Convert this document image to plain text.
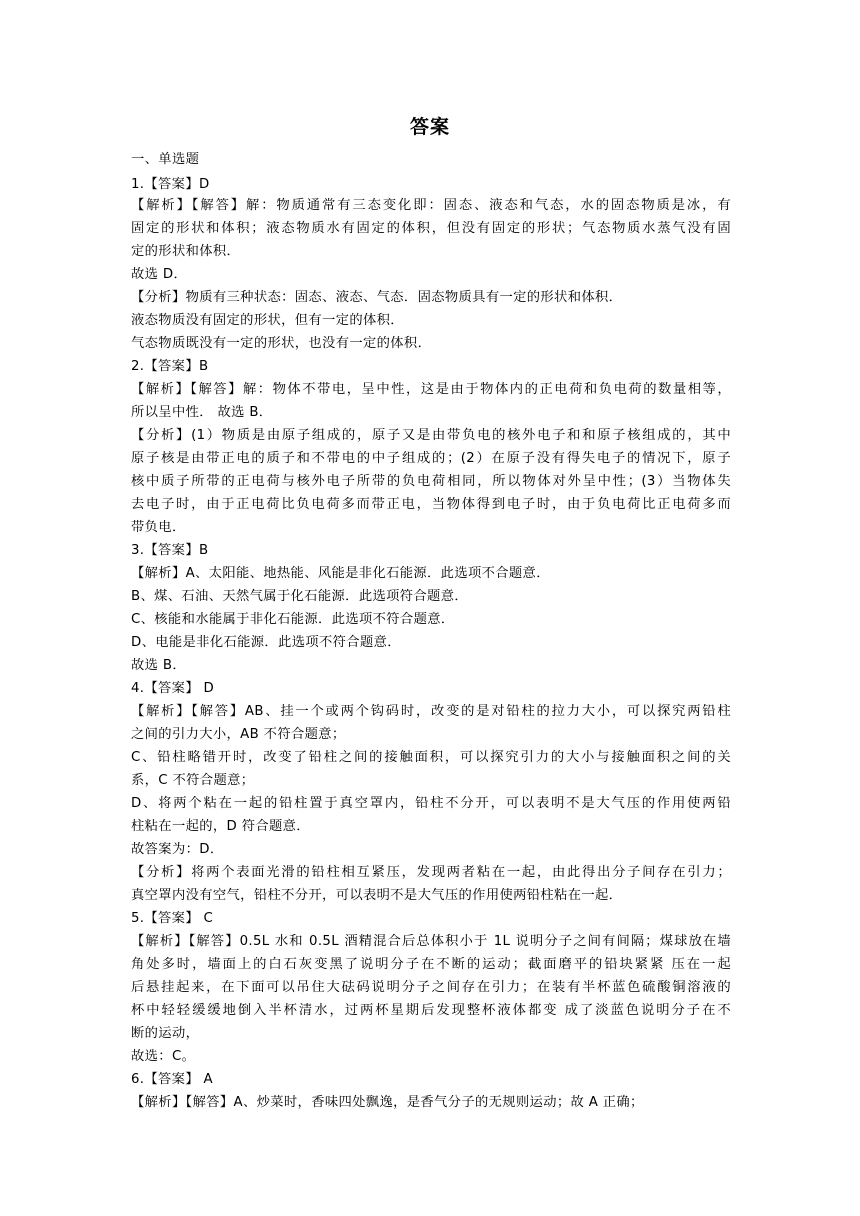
答案
一、单选题
1.【答案】D
【解析】【解答】解：物质通常有三态变化即：固态、液态和气态，水的固态物质是冰，有
固定的形状和体积；液态物质水有固定的体积，但没有固定的形状；气态物质水蒸气没有固
定的形状和体积．
故选 D．
【分析】物质有三种状态：固态、液态、气态．固态物质具有一定的形状和体积．
液态物质没有固定的形状，但有一定的体积．
气态物质既没有一定的形状，也没有一定的体积．
2.【答案】B
【解析】【解答】解：物体不带电，呈中性，这是由于物体内的正电荷和负电荷的数量相等，
所以呈中性． 故选 B．
【分析】(1）物质是由原子组成的，原子又是由带负电的核外电子和和原子核组成的，其中
原子核是由带正电的质子和不带电的中子组成的；(2）在原子没有得失电子的情况下，原子
核中质子所带的正电荷与核外电子所带的负电荷相同，所以物体对外呈中性；(3）当物体失
去电子时，由于正电荷比负电荷多而带正电，当物体得到电子时，由于负电荷比正电荷多而
带负电．
3.【答案】B
【解析】A、太阳能、地热能、风能是非化石能源．此选项不合题意．
B、煤、石油、天然气属于化石能源．此选项符合题意．
C、核能和水能属于非化石能源．此选项不符合题意．
D、电能是非化石能源．此选项不符合题意．
故选 B．
4.【答案】 D
【解析】【解答】AB、挂一个或两个钩码时，改变的是对铅柱的拉力大小，可以探究两铅柱
之间的引力大小，AB 不符合题意；
C、铅柱略错开时，改变了铅柱之间的接触面积，可以探究引力的大小与接触面积之间的关
系，C 不符合题意；
D、将两个粘在一起的铅柱置于真空罩内，铅柱不分开，可以表明不是大气压的作用使两铅
柱粘在一起的，D 符合题意．
故答案为：D．
【分析】将两个表面光滑的铅柱相互紧压，发现两者粘在一起，由此得出分子间存在引力；
真空罩内没有空气，铅柱不分开，可以表明不是大气压的作用使两铅柱粘在一起．
5.【答案】 C
【解析】【解答】0.5L 水和 0.5L 酒精混合后总体积小于 1L 说明分子之间有间隔；煤球放在墙
角处多时，墙面上的白石灰变黑了说明分子在不断的运动；截面磨平的铅块紧紧 压在一起
后悬挂起来，在下面可以吊住大砝码说明分子之间存在引力；在装有半杯蓝色硫酸铜溶液的
杯中轻轻缓缓地倒入半杯清水，过两杯星期后发现整杯液体都变 成了淡蓝色说明分子在不
断的运动，
故选：C。
6.【答案】 A
【解析】【解答】A、炒菜时，香味四处飘逸，是香气分子的无规则运动；故 A 正确；
